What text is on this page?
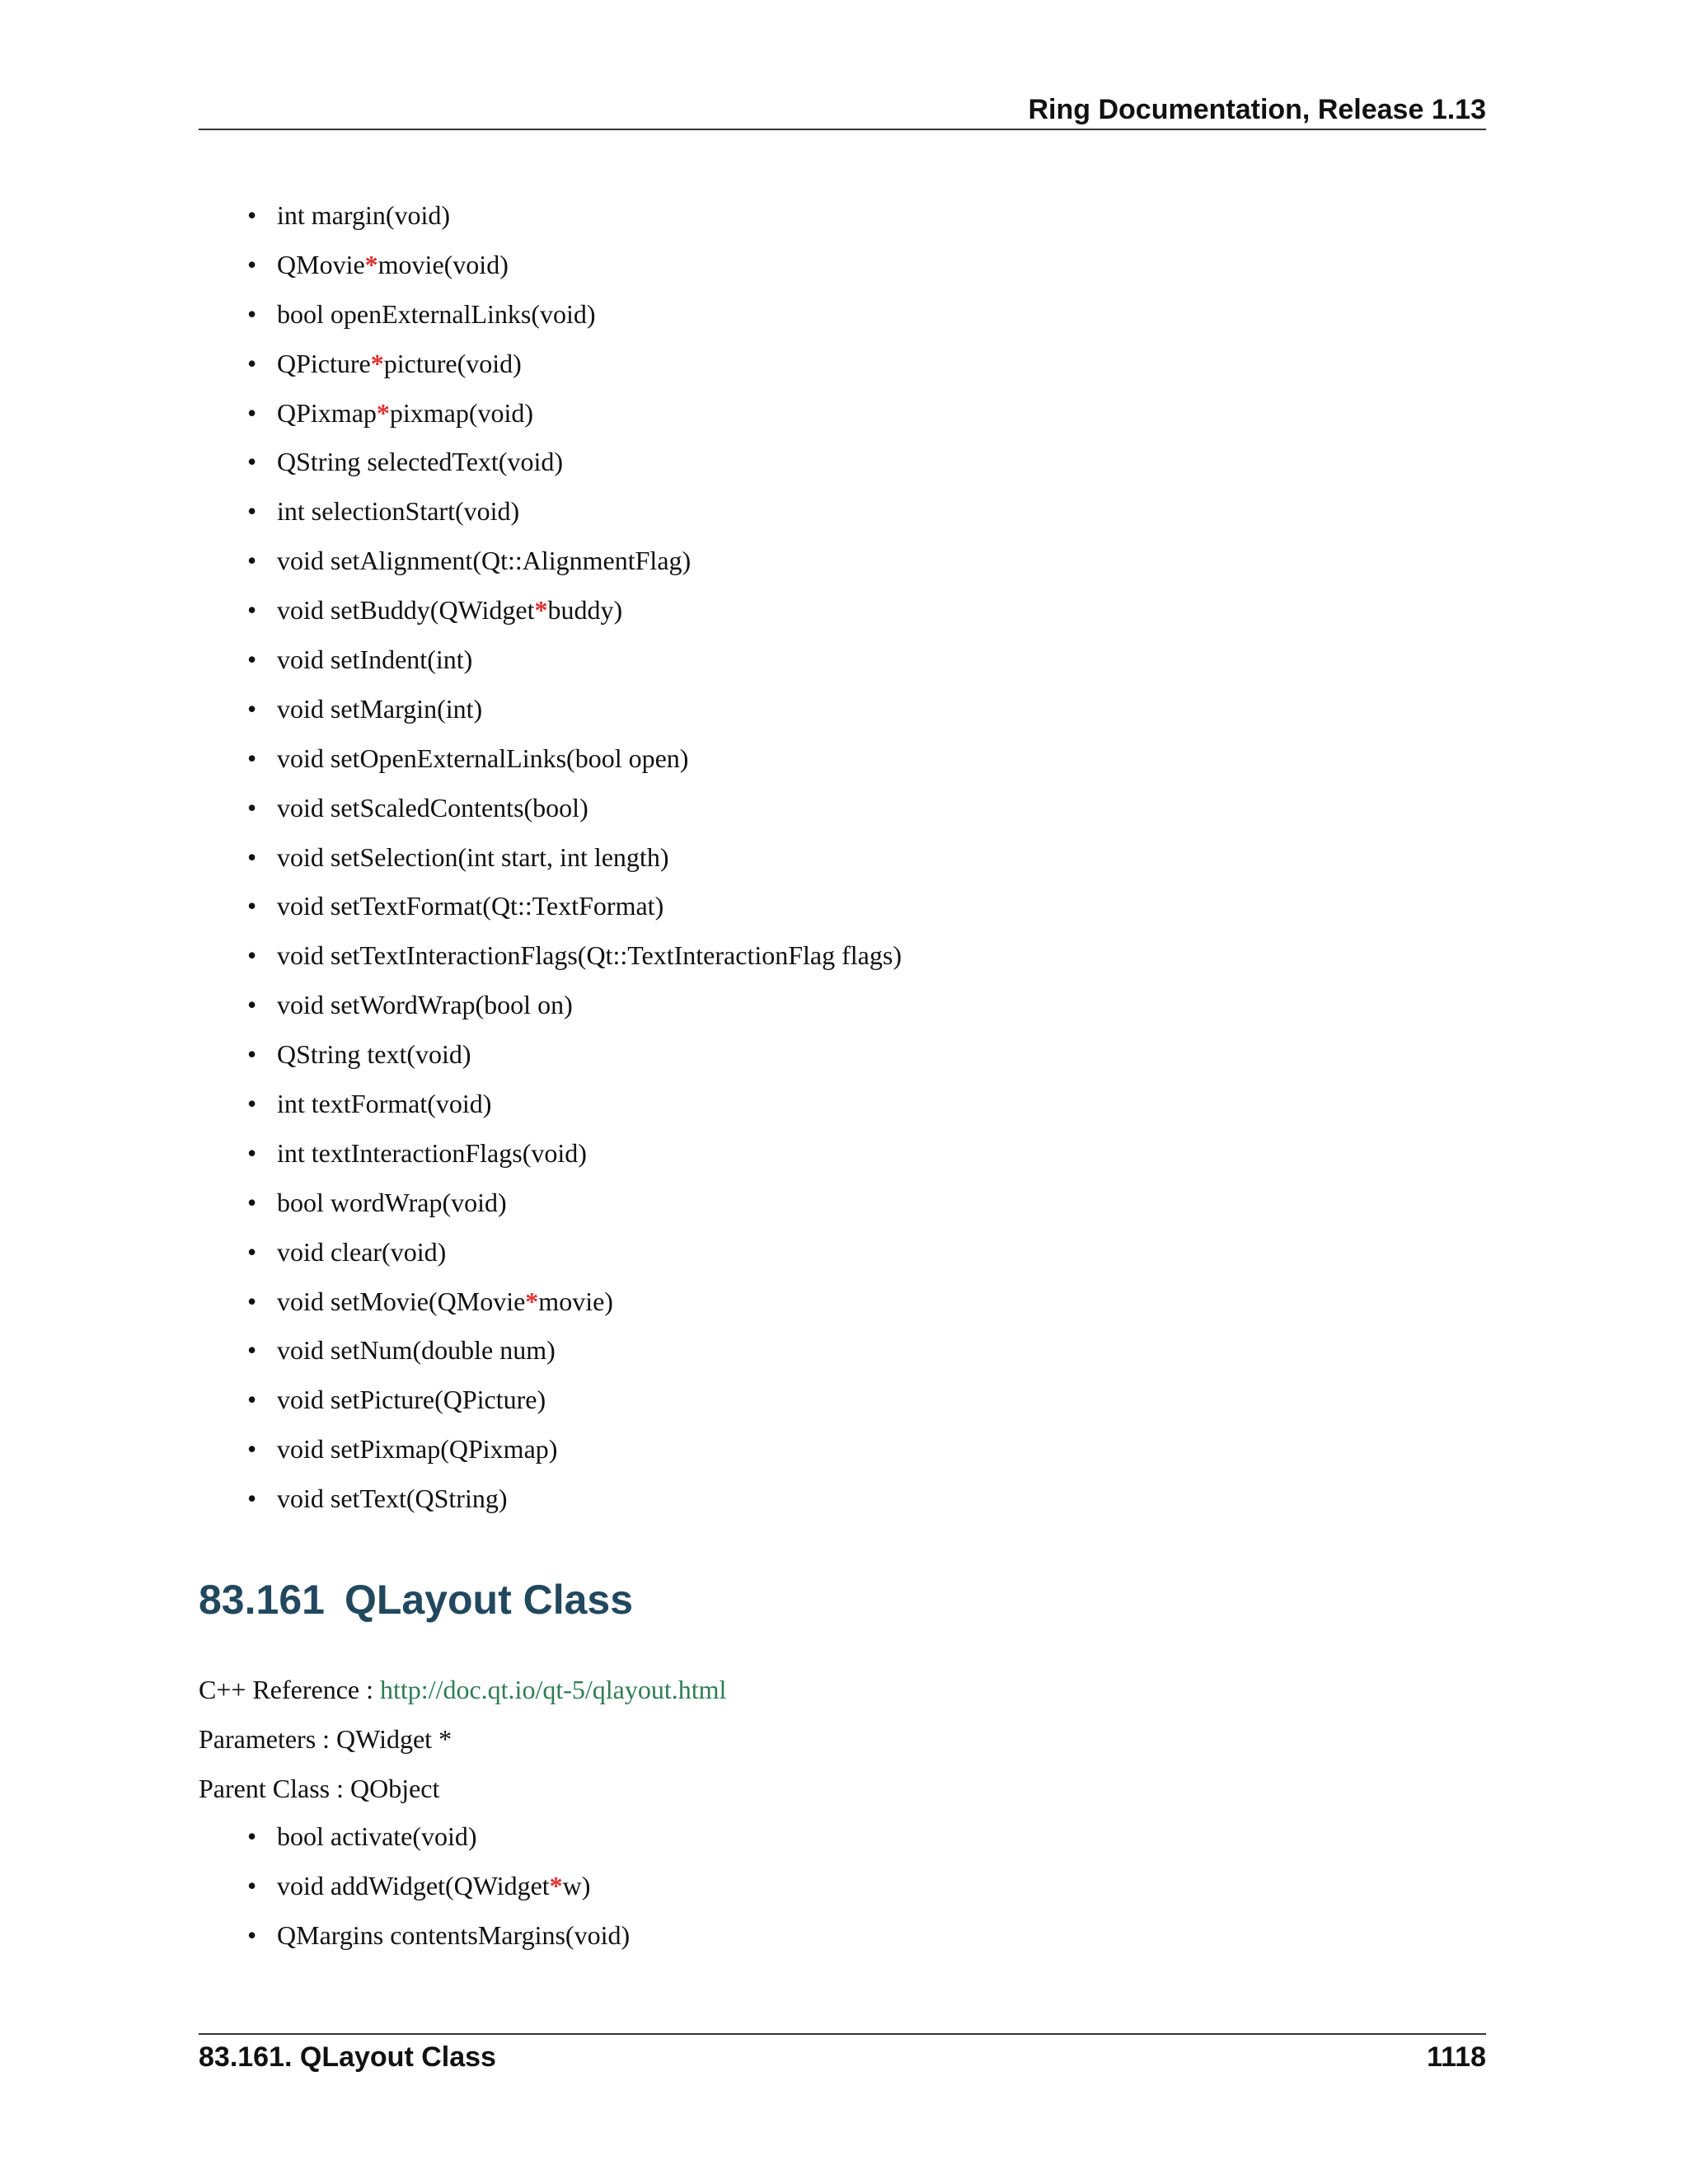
Ring Documentation, Release 1.13
• int margin(void)
• QMovie * movie(void)
• bool openExternalLinks(void)
• QPicture * picture(void)
• QPixmap * pixmap(void)
• QString selectedText(void)
• int selectionStart(void)
• void setAlignment(Qt::AlignmentFlag)
• void setBuddy(QWidget * buddy)
• void setIndent(int)
• void setMargin(int)
• void setOpenExternalLinks(bool open)
• void setScaledContents(bool)
• void setSelection(int start, int length)
• void setTextFormat(Qt::TextFormat)
• void setTextInteractionFlags(Qt::TextInteractionFlag flags)
• void setWordWrap(bool on)
• QString text(void)
• int textFormat(void)
• int textInteractionFlags(void)
• bool wordWrap(void)
• void clear(void)
• void setMovie(QMovie * movie)
• void setNum(double num)
• void setPicture(QPicture)
• void setPixmap(QPixmap)
• void setText(QString)
83.161 QLayout Class
C++ Reference : http://doc.qt.io/qt-5/qlayout.html
Parameters : QWidget *
Parent Class : QObject
• bool activate(void)
• void addWidget(QWidget * w)
• QMargins contentsMargins(void)
83.161. QLayout Class	1118
